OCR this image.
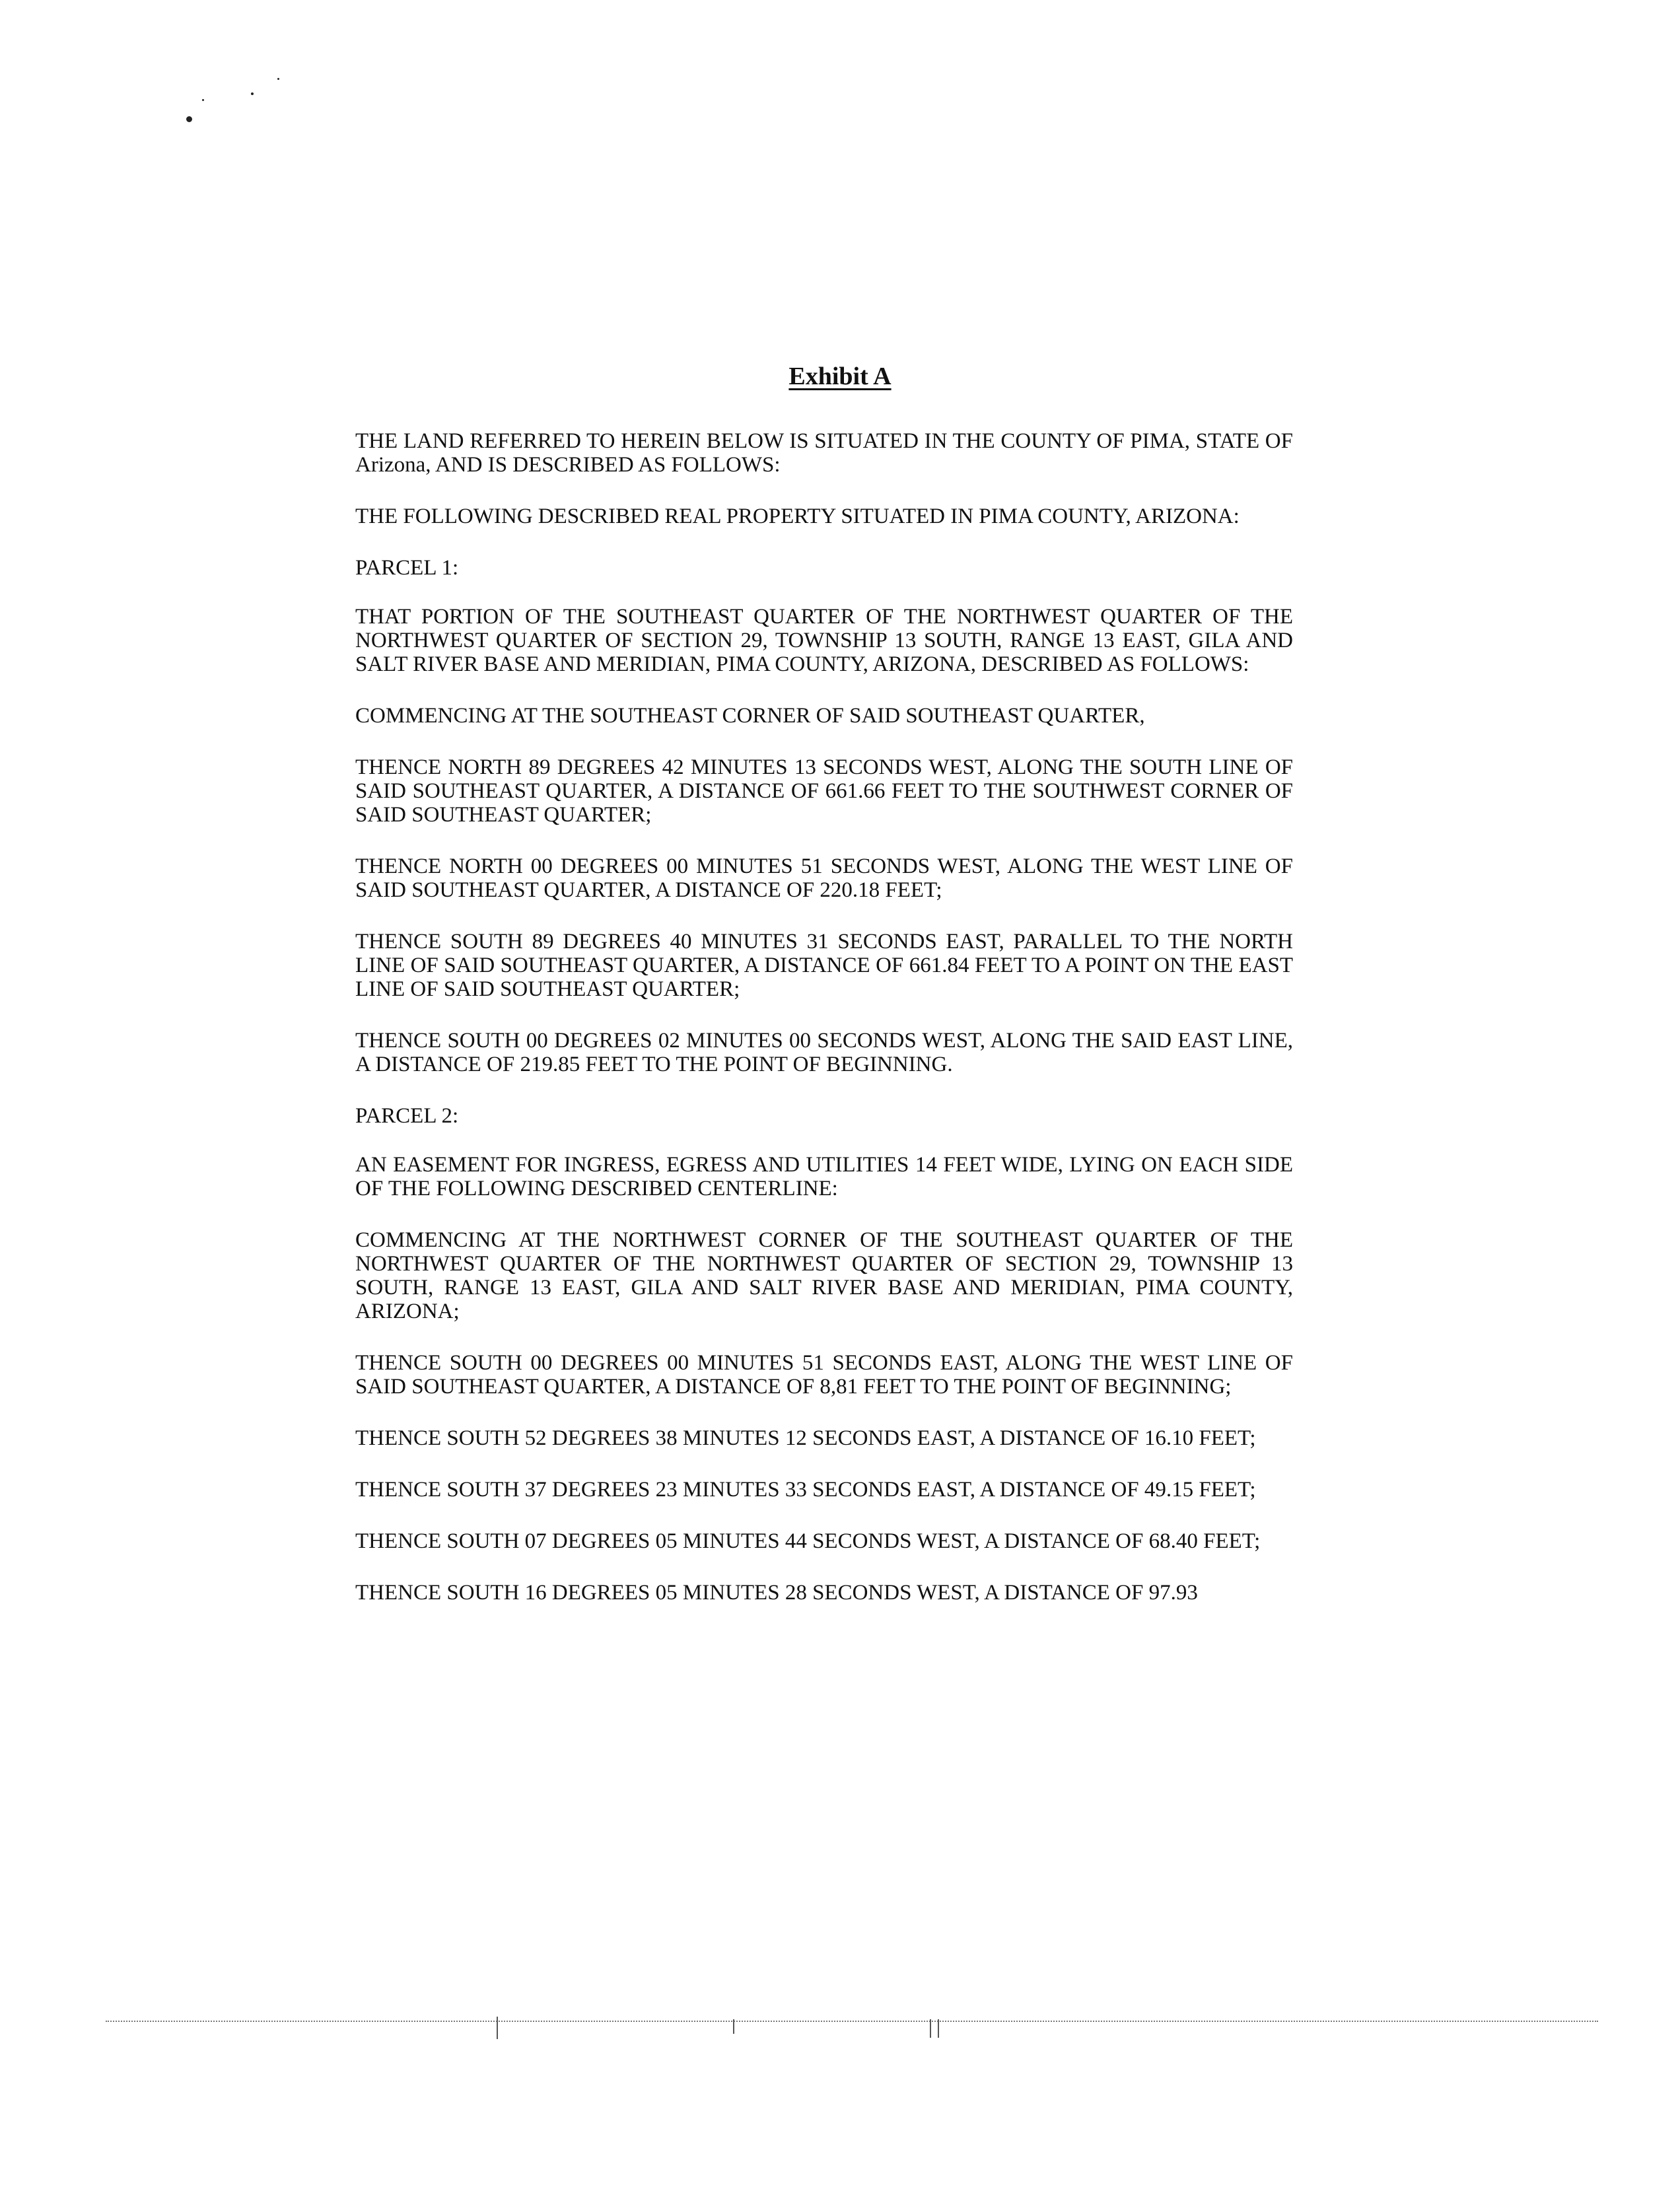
Exhibit A

THE LAND REFERRED TO HEREIN BELOW IS SITUATED IN THE COUNTY OF PIMA, STATE OF Arizona, AND IS DESCRIBED AS FOLLOWS:

THE FOLLOWING DESCRIBED REAL PROPERTY SITUATED IN PIMA COUNTY, ARIZONA:

PARCEL 1:

THAT PORTION OF THE SOUTHEAST QUARTER OF THE NORTHWEST QUARTER OF THE NORTHWEST QUARTER OF SECTION 29, TOWNSHIP 13 SOUTH, RANGE 13 EAST, GILA AND SALT RIVER BASE AND MERIDIAN, PIMA COUNTY, ARIZONA, DESCRIBED AS FOLLOWS:

COMMENCING AT THE SOUTHEAST CORNER OF SAID SOUTHEAST QUARTER,

THENCE NORTH 89 DEGREES 42 MINUTES 13 SECONDS WEST, ALONG THE SOUTH LINE OF SAID SOUTHEAST QUARTER, A DISTANCE OF 661.66 FEET TO THE SOUTHWEST CORNER OF SAID SOUTHEAST QUARTER;

THENCE NORTH 00 DEGREES 00 MINUTES 51 SECONDS WEST, ALONG THE WEST LINE OF SAID SOUTHEAST QUARTER, A DISTANCE OF 220.18 FEET;

THENCE SOUTH 89 DEGREES 40 MINUTES 31 SECONDS EAST, PARALLEL TO THE NORTH LINE OF SAID SOUTHEAST QUARTER, A DISTANCE OF 661.84 FEET TO A POINT ON THE EAST LINE OF SAID SOUTHEAST QUARTER;

THENCE SOUTH 00 DEGREES 02 MINUTES 00 SECONDS WEST, ALONG THE SAID EAST LINE, A DISTANCE OF 219.85 FEET TO THE POINT OF BEGINNING.

PARCEL 2:

AN EASEMENT FOR INGRESS, EGRESS AND UTILITIES 14 FEET WIDE, LYING ON EACH SIDE OF THE FOLLOWING DESCRIBED CENTERLINE:

COMMENCING AT THE NORTHWEST CORNER OF THE SOUTHEAST QUARTER OF THE NORTHWEST QUARTER OF THE NORTHWEST QUARTER OF SECTION 29, TOWNSHIP 13 SOUTH, RANGE 13 EAST, GILA AND SALT RIVER BASE AND MERIDIAN, PIMA COUNTY, ARIZONA;

THENCE SOUTH 00 DEGREES 00 MINUTES 51 SECONDS EAST, ALONG THE WEST LINE OF SAID SOUTHEAST QUARTER, A DISTANCE OF 8,81 FEET TO THE POINT OF BEGINNING;

THENCE SOUTH 52 DEGREES 38 MINUTES 12 SECONDS EAST, A DISTANCE OF 16.10 FEET;

THENCE SOUTH 37 DEGREES 23 MINUTES 33 SECONDS EAST, A DISTANCE OF 49.15 FEET;

THENCE SOUTH 07 DEGREES 05 MINUTES 44 SECONDS WEST, A DISTANCE OF 68.40 FEET;

THENCE SOUTH 16 DEGREES 05 MINUTES 28 SECONDS WEST, A DISTANCE OF 97.93
